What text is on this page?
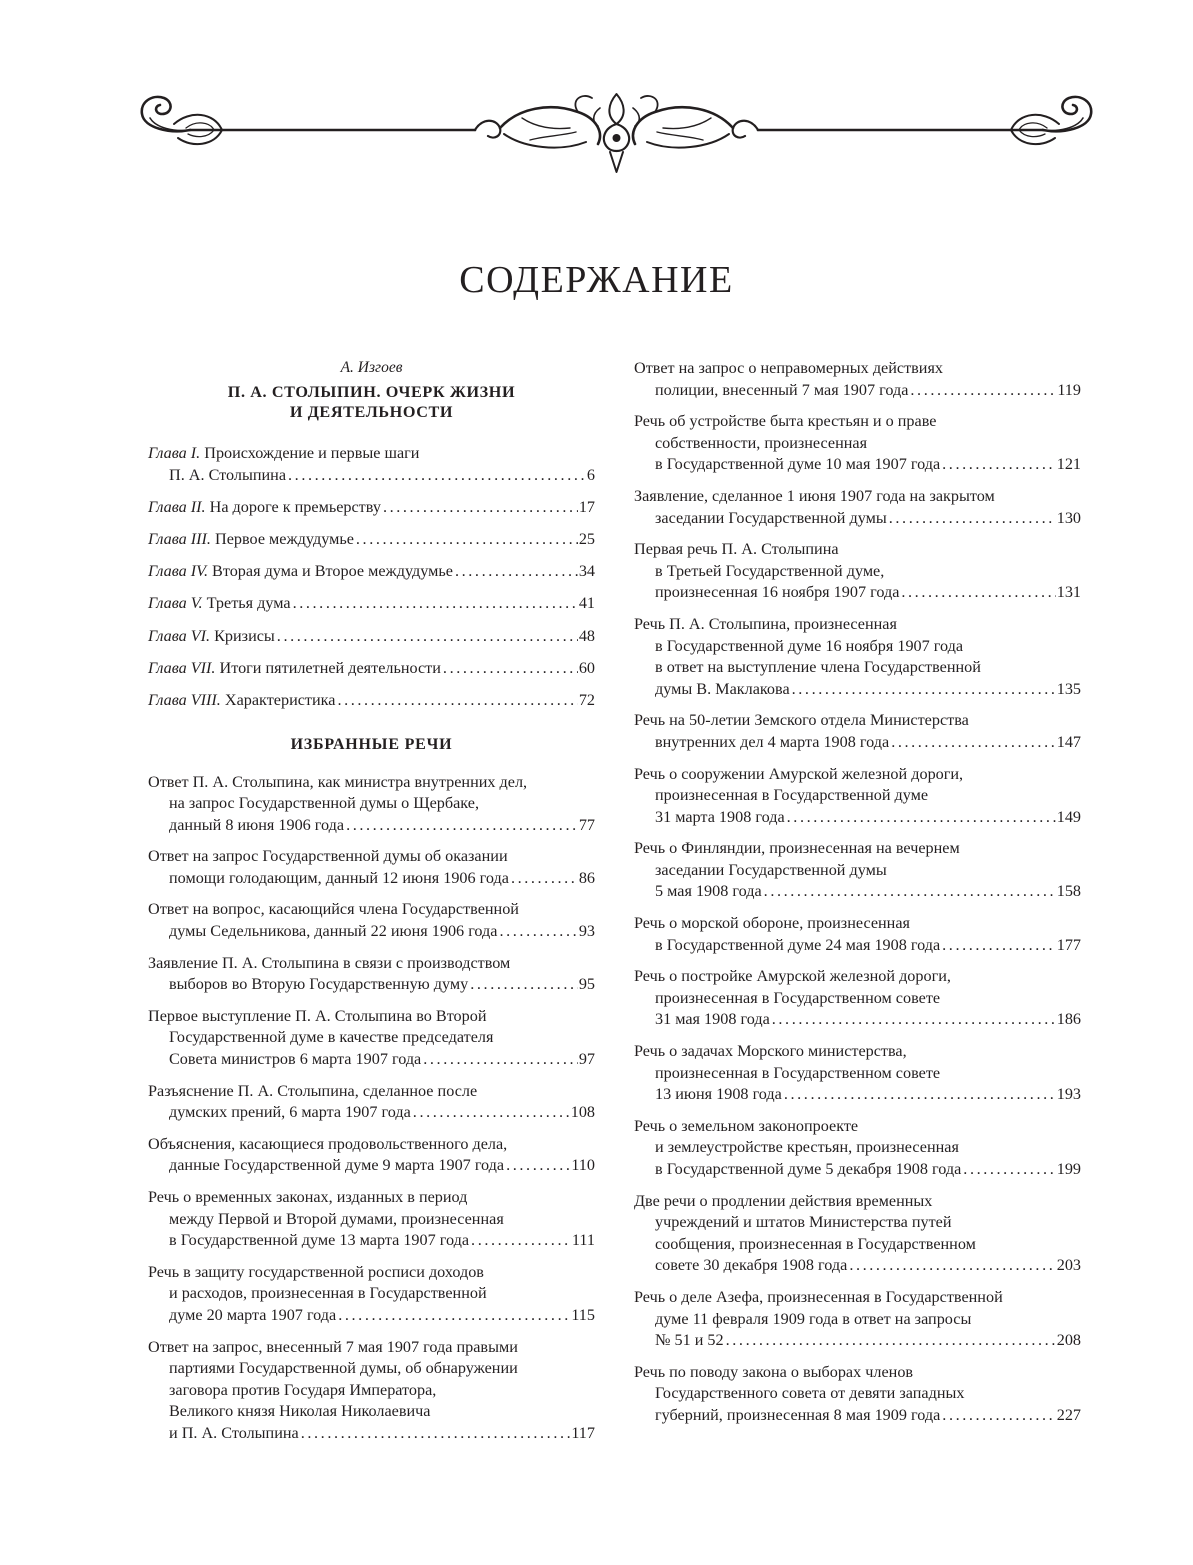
СОДЕРЖАНИЕ
А. Изгоев
П. А. СТОЛЫПИН. ОЧЕРК ЖИЗНИ
И ДЕЯТЕЛЬНОСТИ
Глава I. Происхождение и первые шаги
П. А. Столыпина .....	6
Глава II. На дороге к премьерству .....	17
Глава III. Первое междудумье .....	25
Глава IV. Вторая дума и Второе междудумье .....	34
Глава V. Третья дума .....	41
Глава VI. Кризисы .....	48
Глава VII. Итоги пятилетней деятельности .....	60
Глава VIII. Характеристика .....	72
ИЗБРАННЫЕ РЕЧИ
Ответ П. А. Столыпина, как министра внутренних дел,
на запрос Государственной думы о Щербаке,
данный 8 июня 1906 года .....	77
Ответ на запрос Государственной думы об оказании
помощи голодающим, данный 12 июня 1906 года .....	86
Ответ на вопрос, касающийся члена Государственной
думы Седельникова, данный 22 июня 1906 года .....	93
Заявление П. А. Столыпина в связи с производством
выборов во Вторую Государственную думу .....	95
Первое выступление П. А. Столыпина во Второй
Государственной думе в качестве председателя
Совета министров 6 марта 1907 года .....	97
Разъяснение П. А. Столыпина, сделанное после
думских прений, 6 марта 1907 года .....	108
Объяснения, касающиеся продовольственного дела,
данные Государственной думе 9 марта 1907 года .....	110
Речь о временных законах, изданных в период
между Первой и Второй думами, произнесенная
в Государственной думе 13 марта 1907 года .....	111
Речь в защиту государственной росписи доходов
и расходов, произнесенная в Государственной
думе 20 марта 1907 года .....	115
Ответ на запрос, внесенный 7 мая 1907 года правыми
партиями Государственной думы, об обнаружении
заговора против Государя Императора,
Великого князя Николая Николаевича
и П. А. Столыпина .....	117
Ответ на запрос о неправомерных действиях
полиции, внесенный 7 мая 1907 года .....	119
Речь об устройстве быта крестьян и о праве
собственности, произнесенная
в Государственной думе 10 мая 1907 года .....	121
Заявление, сделанное 1 июня 1907 года на закрытом
заседании Государственной думы .....	130
Первая речь П. А. Столыпина
в Третьей Государственной думе,
произнесенная 16 ноября 1907 года .....	131
Речь П. А. Столыпина, произнесенная
в Государственной думе 16 ноября 1907 года
в ответ на выступление члена Государственной
думы В. Маклакова .....	135
Речь на 50-летии Земского отдела Министерства
внутренних дел 4 марта 1908 года .....	147
Речь о сооружении Амурской железной дороги,
произнесенная в Государственной думе
31 марта 1908 года .....	149
Речь о Финляндии, произнесенная на вечернем
заседании Государственной думы
5 мая 1908 года .....	158
Речь о морской обороне, произнесенная
в Государственной думе 24 мая 1908 года .....	177
Речь о постройке Амурской железной дороги,
произнесенная в Государственном совете
31 мая 1908 года .....	186
Речь о задачах Морского министерства,
произнесенная в Государственном совете
13 июня 1908 года .....	193
Речь о земельном законопроекте
и землеустройстве крестьян, произнесенная
в Государственной думе 5 декабря 1908 года .....	199
Две речи о продлении действия временных
учреждений и штатов Министерства путей
сообщения, произнесенная в Государственном
совете 30 декабря 1908 года .....	203
Речь о деле Азефа, произнесенная в Государственной
думе 11 февраля 1909 года в ответ на запросы
№ 51 и 52 .....	208
Речь по поводу закона о выборах членов
Государственного совета от девяти западных
губерний, произнесенная 8 мая 1909 года .....	227
